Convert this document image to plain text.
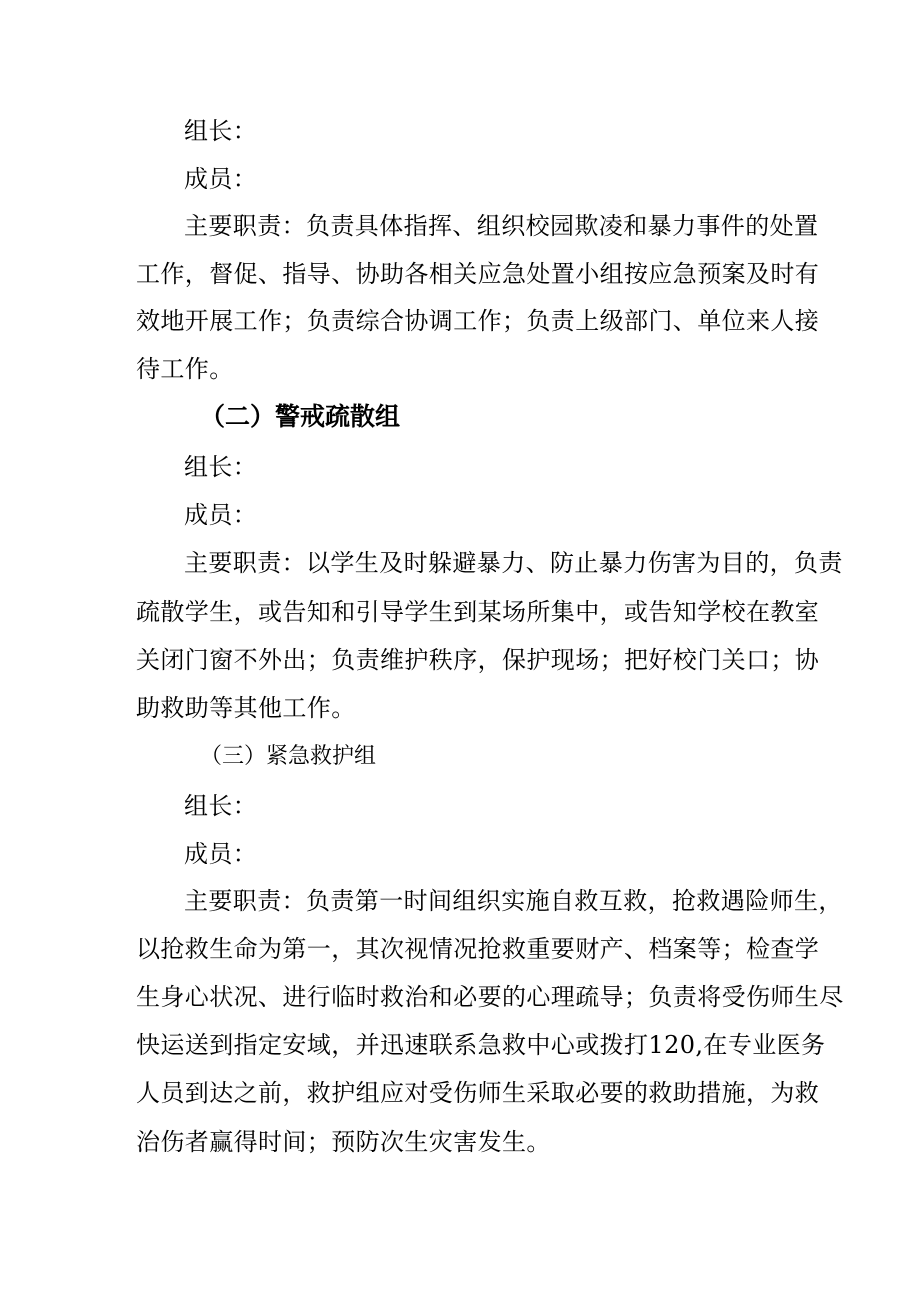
组长：
成员：
主要职责：负责具体指挥、组织校园欺凌和暴力事件的处置
工作，督促、指导、协助各相关应急处置小组按应急预案及时有
效地开展工作；负责综合协调工作；负责上级部门、单位来人接
待工作。
（二）警戒疏散组
组长：
成员：
主要职责：以学生及时躲避暴力、防止暴力伤害为目的，负责
疏散学生，或告知和引导学生到某场所集中，或告知学校在教室
关闭门窗不外出；负责维护秩序，保护现场；把好校门关口；协
助救助等其他工作。
（三）紧急救护组
组长：
成员：
主要职责：负责第一时间组织实施自救互救，抢救遇险师生，
以抢救生命为第一，其次视情况抢救重要财产、档案等；检查学
生身心状况、进行临时救治和必要的心理疏导；负责将受伤师生尽
快运送到指定安域，并迅速联系急救中心或拨打120,在专业医务
人员到达之前，救护组应对受伤师生采取必要的救助措施，为救
治伤者赢得时间；预防次生灾害发生。
